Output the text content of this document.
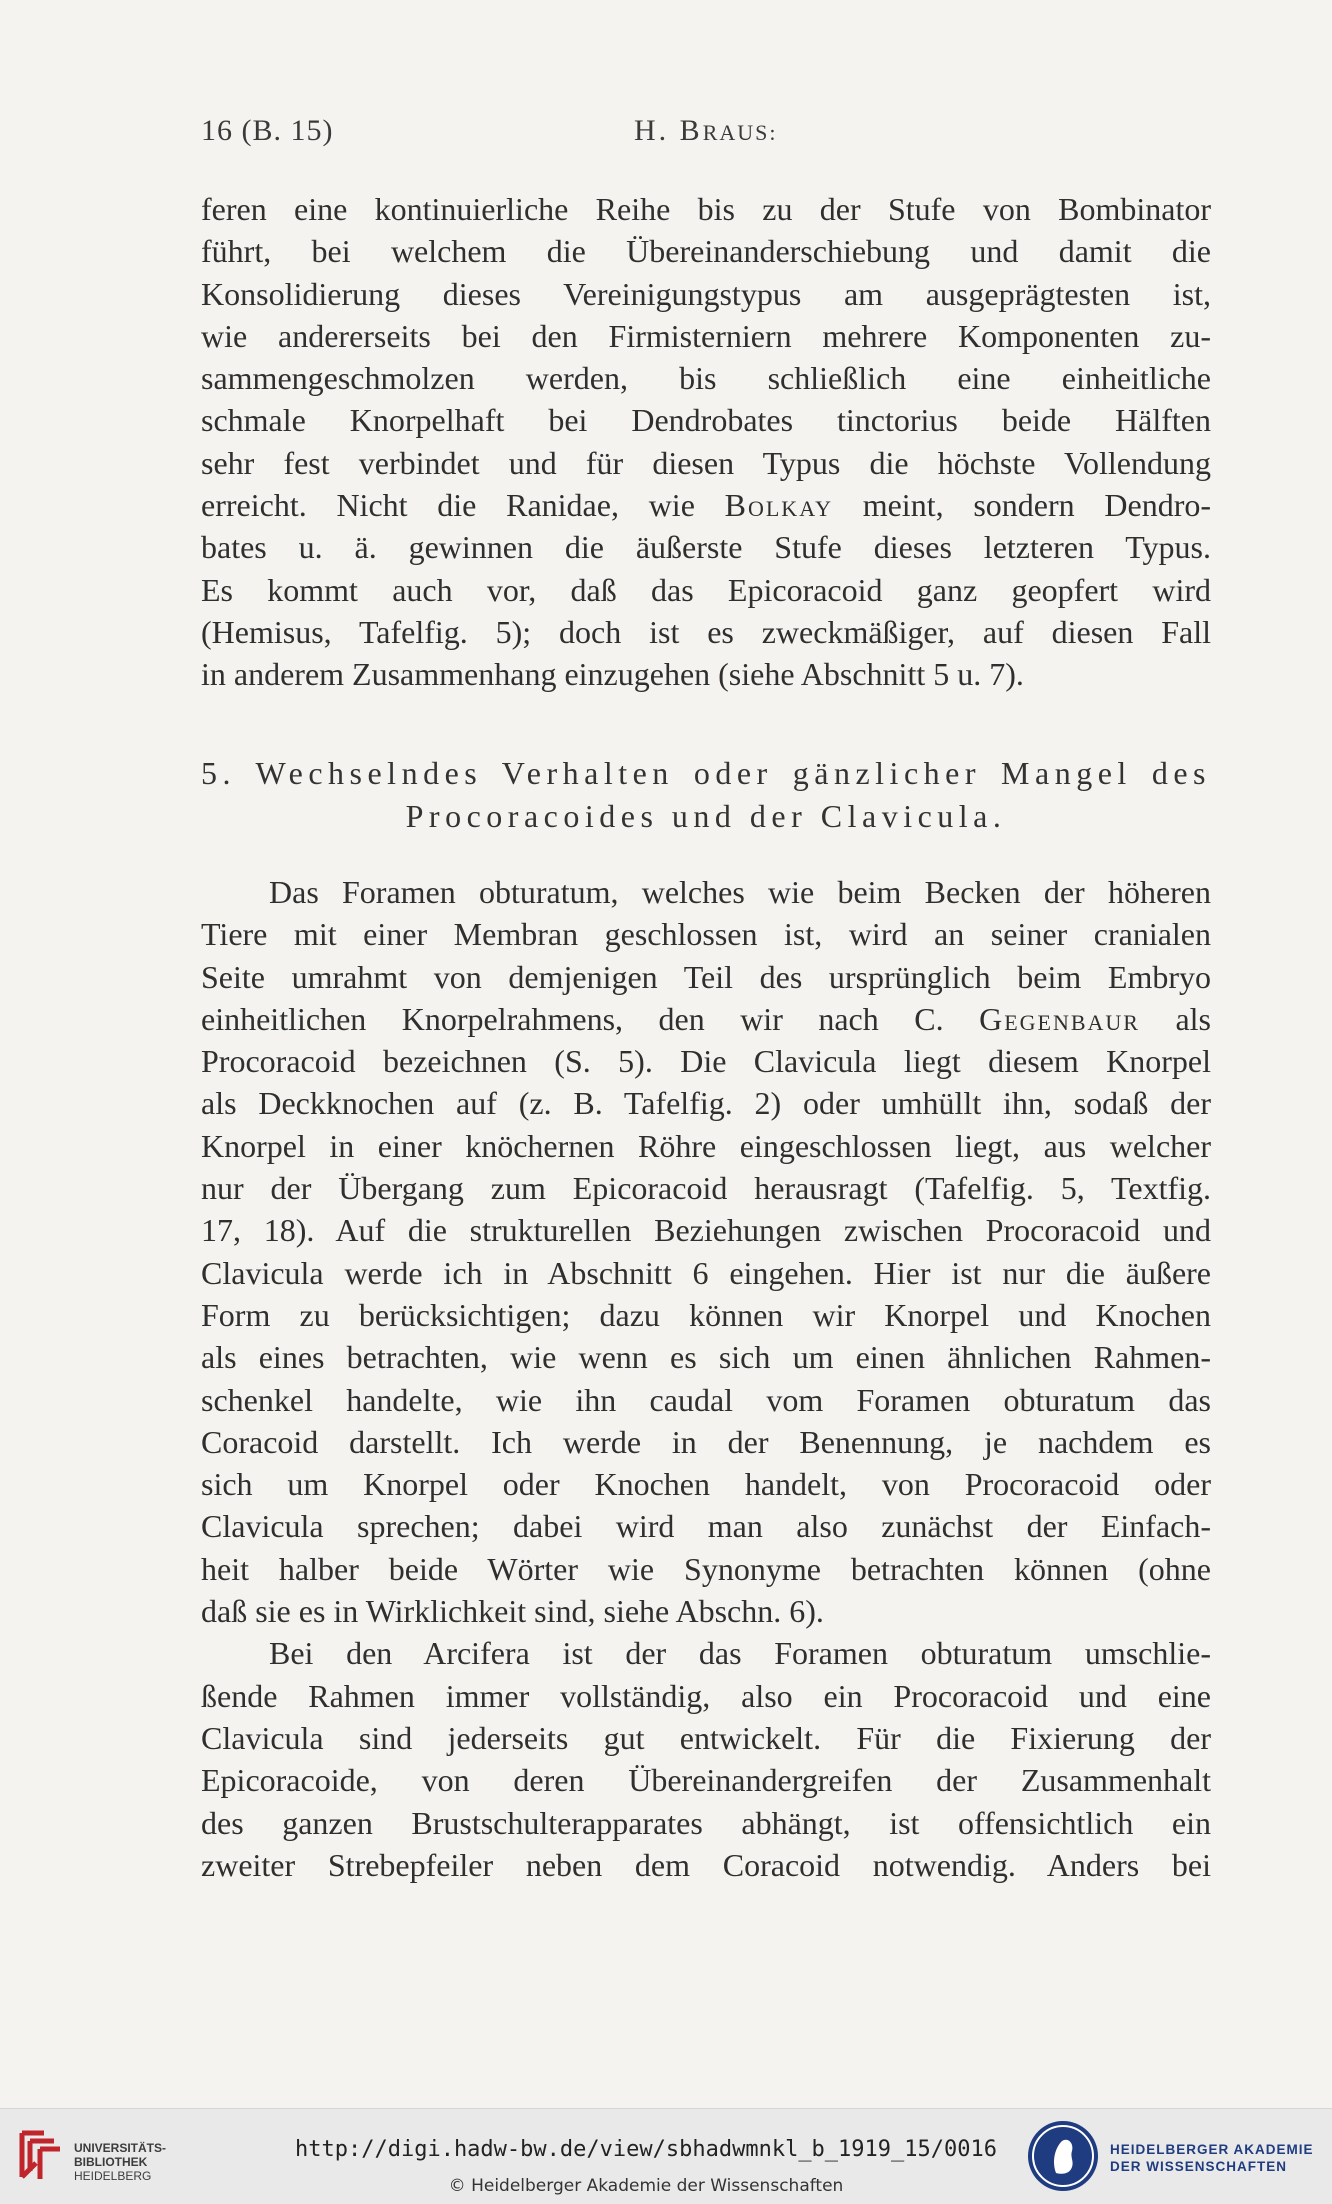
16 (B. 15)	H. BRAUS:
feren eine kontinuierliche Reihe bis zu der Stufe von Bombinator
führt, bei welchem die Übereinanderschiebung und damit die
Konsolidierung dieses Vereinigungstypus am ausgeprägtesten ist,
wie andererseits bei den Firmisterniern mehrere Komponenten zu-
sammengeschmolzen werden, bis schließlich eine einheitliche
schmale Knorpelhaft bei Dendrobates tinctorius beide Hälften
sehr fest verbindet und für diesen Typus die höchste Vollendung
erreicht. Nicht die Ranidae, wie Bolkay meint, sondern Dendro-
bates u. ä. gewinnen die äußerste Stufe dieses letzteren Typus.
Es kommt auch vor, daß das Epicoracoid ganz geopfert wird
(Hemisus, Tafelfig. 5); doch ist es zweckmäßiger, auf diesen Fall
in anderem Zusammenhang einzugehen (siehe Abschnitt 5 u. 7).
5. Wechselndes Verhalten oder gänzlicher Mangel des
Procoracoides und der Clavicula.
Das Foramen obturatum, welches wie beim Becken der höheren
Tiere mit einer Membran geschlossen ist, wird an seiner cranialen
Seite umrahmt von demjenigen Teil des ursprünglich beim Embryo
einheitlichen Knorpelrahmens, den wir nach C. Gegenbaur als
Procoracoid bezeichnen (S. 5). Die Clavicula liegt diesem Knorpel
als Deckknochen auf (z. B. Tafelfig. 2) oder umhüllt ihn, sodaß der
Knorpel in einer knöchernen Röhre eingeschlossen liegt, aus welcher
nur der Übergang zum Epicoracoid herausragt (Tafelfig. 5, Textfig.
17, 18). Auf die strukturellen Beziehungen zwischen Procoracoid und
Clavicula werde ich in Abschnitt 6 eingehen. Hier ist nur die äußere
Form zu berücksichtigen; dazu können wir Knorpel und Knochen
als eines betrachten, wie wenn es sich um einen ähnlichen Rahmen-
schenkel handelte, wie ihn caudal vom Foramen obturatum das
Coracoid darstellt. Ich werde in der Benennung, je nachdem es
sich um Knorpel oder Knochen handelt, von Procoracoid oder
Clavicula sprechen; dabei wird man also zunächst der Einfach-
heit halber beide Wörter wie Synonyme betrachten können (ohne
daß sie es in Wirklichkeit sind, siehe Abschn. 6).
Bei den Arcifera ist der das Foramen obturatum umschlie-
ßende Rahmen immer vollständig, also ein Procoracoid und eine
Clavicula sind jederseits gut entwickelt. Für die Fixierung der
Epicoracoide, von deren Übereinandergreifen der Zusammenhalt
des ganzen Brustschulterapparates abhängt, ist offensichtlich ein
zweiter Strebepfeiler neben dem Coracoid notwendig. Anders bei
UNIVERSITÄTS-
BIBLIOTHEK
HEIDELBERG
http://digi.hadw-bw.de/view/sbhadwmnkl_b_1919_15/0016
© Heidelberger Akademie der Wissenschaften
HEIDELBERGER AKADEMIE
DER WISSENSCHAFTEN
